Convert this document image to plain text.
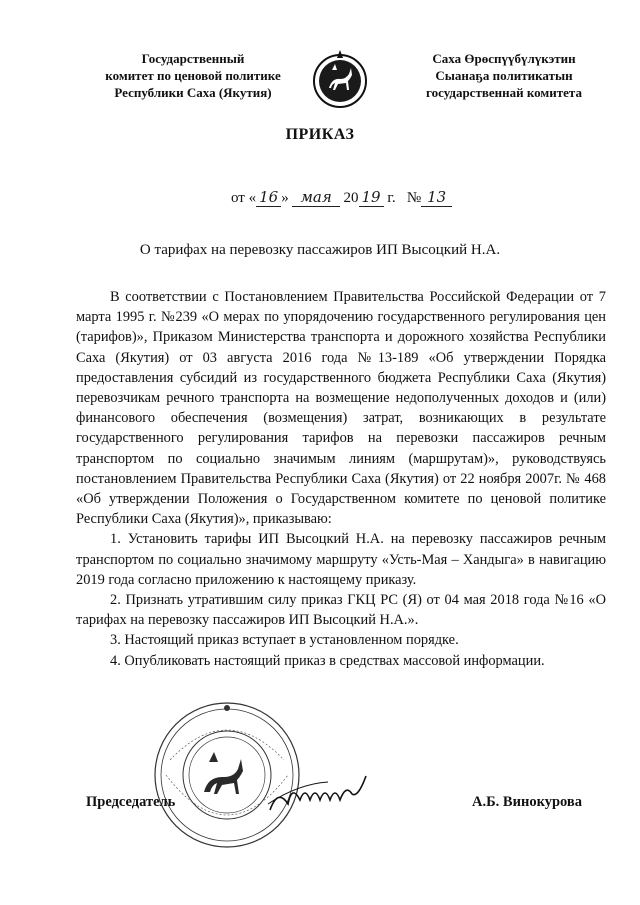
Государственный
комитет по ценовой политике
Республики Саха (Якутия)
Саха Өрөспүүбүлүкэтин
Сыанаҕа политикатын
государственнай комитета
ПРИКАЗ
от « 16 » мая 20 19 г.   № 13
О тарифах на перевозку пассажиров ИП Высоцкий Н.А.

В соответствии с Постановлением Правительства Российской Федерации от 7 марта 1995 г. №239 «О мерах по упорядочению государственного регулирования цен (тарифов)», Приказом Министерства транспорта и дорожного хозяйства Республики Саха (Якутия) от 03 августа 2016 года №13-189 «Об утверждении Порядка предоставления субсидий из государственного бюджета Республики Саха (Якутия) перевозчикам речного транспорта на возмещение недополученных доходов и (или) финансового обеспечения (возмещения) затрат, возникающих в результате государственного регулирования тарифов на перевозки пассажиров речным транспортом по социально значимым линиям (маршрутам)», руководствуясь постановлением Правительства Республики Саха (Якутия) от 22 ноября 2007г. № 468 «Об утверждении Положения о Государственном комитете по ценовой политике Республики Саха (Якутия)», приказываю:

1. Установить тарифы ИП Высоцкий Н.А. на перевозку пассажиров речным транспортом по социально значимому маршруту «Усть-Мая – Хандыга» в навигацию 2019 года согласно приложению к настоящему приказу.

2. Признать утратившим силу приказ ГКЦ РС (Я) от 04 мая 2018 года №16 «О тарифах на перевозку пассажиров ИП Высоцкий Н.А.».

3. Настоящий приказ вступает в установленном порядке.

4. Опубликовать настоящий приказ в средствах массовой информации.

Председатель	А.Б. Винокурова
